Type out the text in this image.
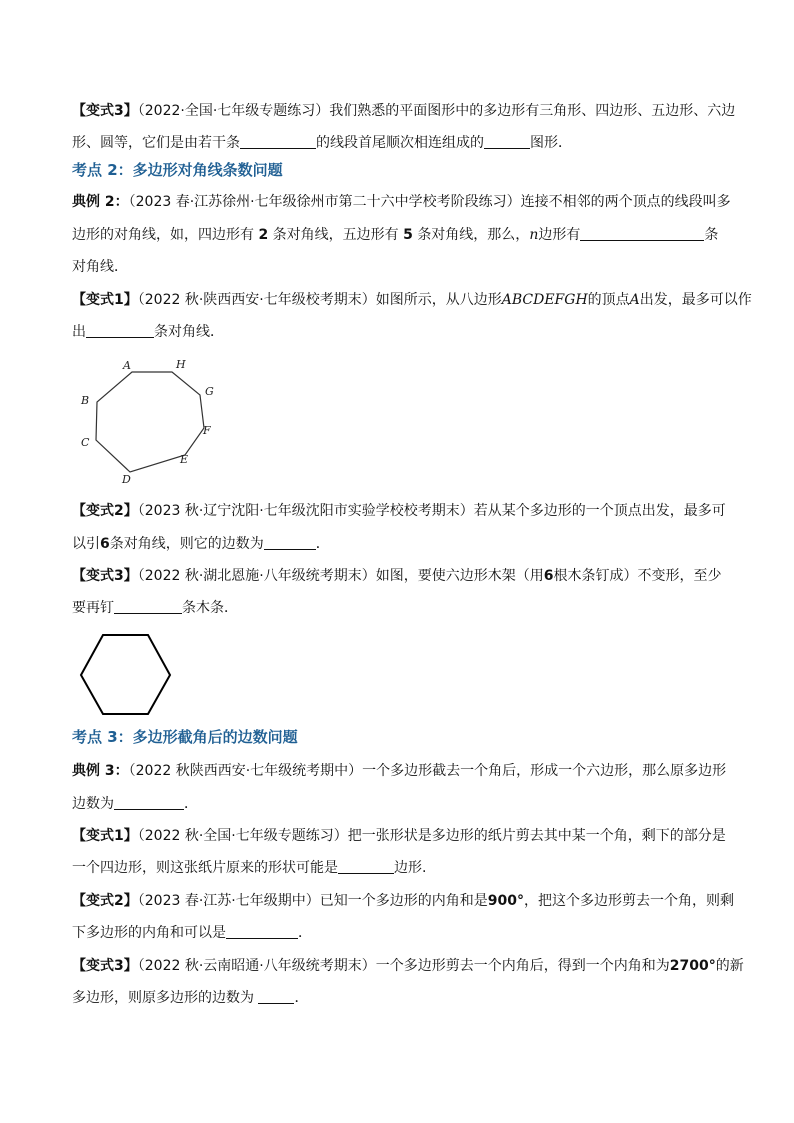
【变式3】（2022·全国·七年级专题练习）我们熟悉的平面图形中的多边形有三角形、四边形、五边形、六边
形、圆等，它们是由若干条	的线段首尾顺次相连组成的	图形．
考点 2：多边形对角线条数问题
典例 2：（2023 春·江苏徐州·七年级徐州市第二十六中学校考阶段练习）连接不相邻的两个顶点的线段叫多
边形的对角线，如，四边形有 2 条对角线，五边形有 5 条对角线，那么，n边形有	条
对角线．
【变式1】（2022 秋·陕西西安·七年级校考期末）如图所示，从八边形ABCDEFGH的顶点A出发，最多可以作
出	条对角线．
A	H
B
G
C
F
D
E
【变式2】（2023 秋·辽宁沈阳·七年级沈阳市实验学校校考期末）若从某个多边形的一个顶点出发，最多可
以引6条对角线，则它的边数为	．
【变式3】（2022 秋·湖北恩施·八年级统考期末）如图，要使六边形木架（用6根木条钉成）不变形，至少
要再钉	条木条．
考点 3：多边形截角后的边数问题
典例 3：（2022 秋陕西西安·七年级统考期中）一个多边形截去一个角后，形成一个六边形，那么原多边形
边数为	．
【变式1】（2022 秋·全国·七年级专题练习）把一张形状是多边形的纸片剪去其中某一个角，剩下的部分是
一个四边形，则这张纸片原来的形状可能是	边形.
【变式2】（2023 春·江苏·七年级期中）已知一个多边形的内角和是900°，把这个多边形剪去一个角，则剩
下多边形的内角和可以是	．
【变式3】（2022 秋·云南昭通·八年级统考期末）一个多边形剪去一个内角后，得到一个内角和为2700°的新
多边形，则原多边形的边数为	．
